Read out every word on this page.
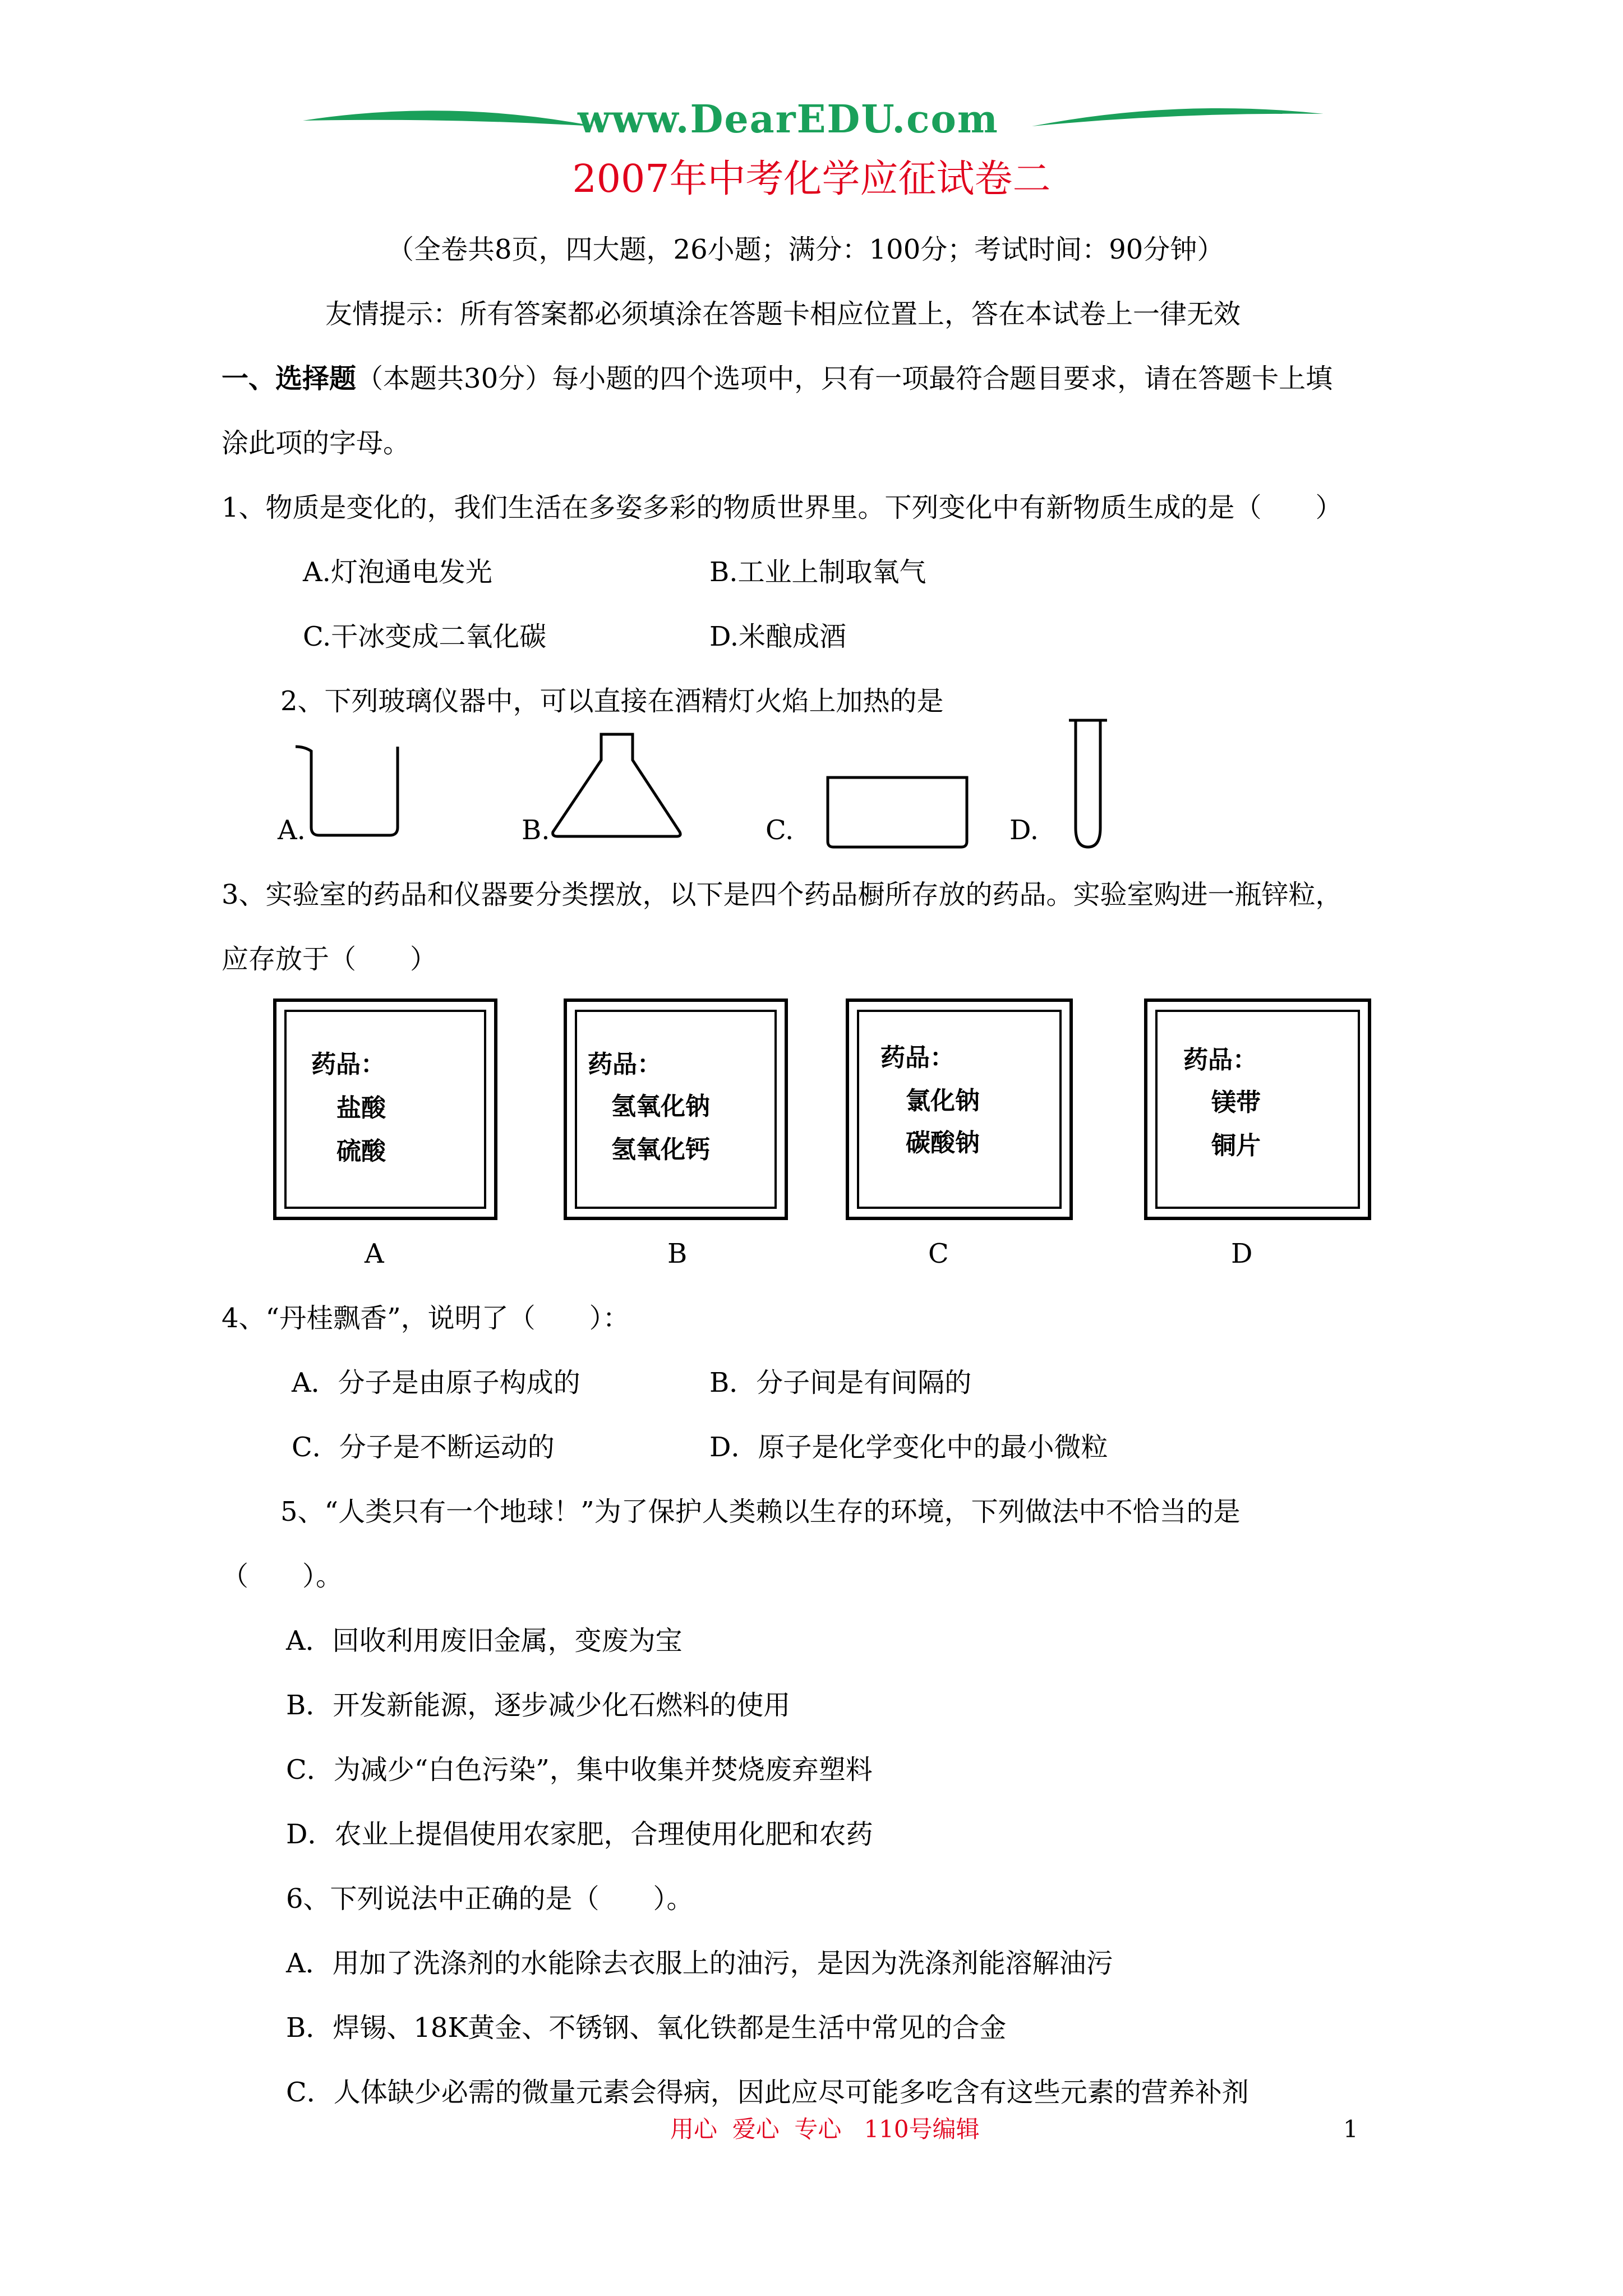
www.DearEDU.com
2007年中考化学应征试卷二
（全卷共8页，四大题，26小题；满分：100分；考试时间：90分钟）
友情提示：所有答案都必须填涂在答题卡相应位置上，答在本试卷上一律无效
一、选择题（本题共30分）每小题的四个选项中，只有一项最符合题目要求，请在答题卡上填
涂此项的字母。
1、物质是变化的，我们生活在多姿多彩的物质世界里。下列变化中有新物质生成的是（　　）
A.灯泡通电发光	B.工业上制取氧气
C.干冰变成二氧化碳	D.米酿成酒
2、下列玻璃仪器中，可以直接在酒精灯火焰上加热的是
A.	B.	C.	D.
3、实验室的药品和仪器要分类摆放，以下是四个药品橱所存放的药品。实验室购进一瓶锌粒，
应存放于（　　）
药品：
盐酸
硫酸
A
药品：
氢氧化钠
氢氧化钙
B
药品：
氯化钠
碳酸钠
C
药品：
镁带
铜片
D
4、“丹桂飘香”，说明了（　　）：
A．分子是由原子构成的	B．分子间是有间隔的
C．分子是不断运动的	D．原子是化学变化中的最小微粒
5、“人类只有一个地球！”为了保护人类赖以生存的环境，下列做法中不恰当的是
（　　）。
A．回收利用废旧金属，变废为宝
B．开发新能源，逐步减少化石燃料的使用
C．为减少“白色污染”，集中收集并焚烧废弃塑料
D．农业上提倡使用农家肥，合理使用化肥和农药
6、下列说法中正确的是（　　）。
A．用加了洗涤剂的水能除去衣服上的油污，是因为洗涤剂能溶解油污
B．焊锡、18K黄金、不锈钢、氧化铁都是生活中常见的合金
C．人体缺少必需的微量元素会得病，因此应尽可能多吃含有这些元素的营养补剂
用心  爱心  专心   110号编辑	1
